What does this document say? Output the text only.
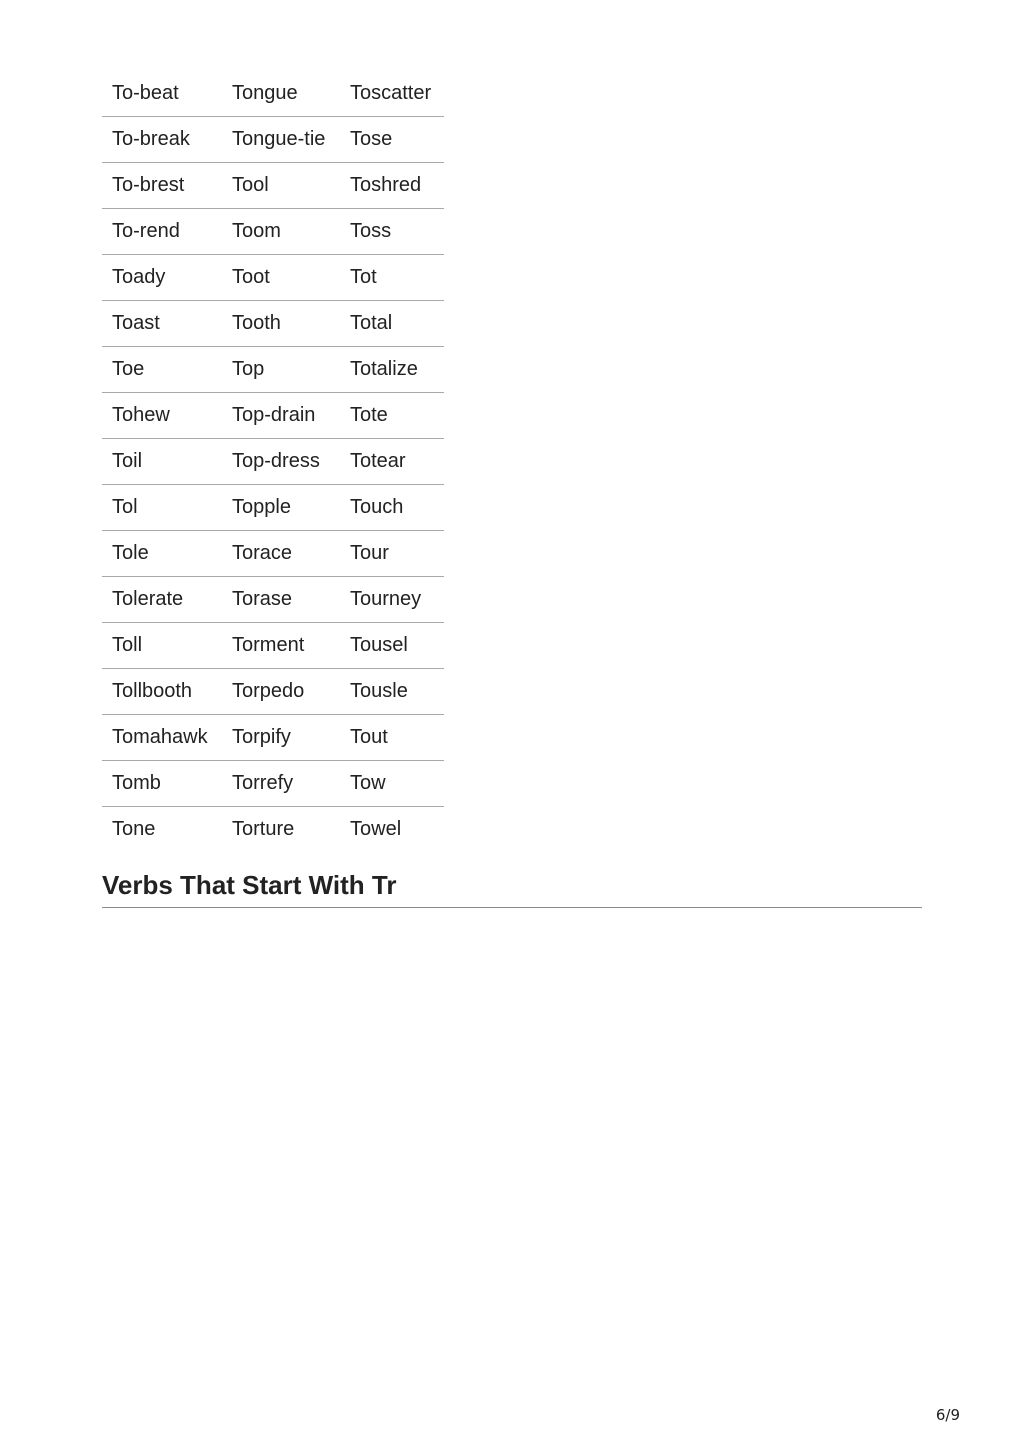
To-beat	Tongue	Toscatter
To-break	Tongue-tie	Tose
To-brest	Tool	Toshred
To-rend	Toom	Toss
Toady	Toot	Tot
Toast	Tooth	Total
Toe	Top	Totalize
Tohew	Top-drain	Tote
Toil	Top-dress	Totear
Tol	Topple	Touch
Tole	Torace	Tour
Tolerate	Torase	Tourney
Toll	Torment	Tousel
Tollbooth	Torpedo	Tousle
Tomahawk	Torpify	Tout
Tomb	Torrefy	Tow
Tone	Torture	Towel
Verbs That Start With Tr
6/9
